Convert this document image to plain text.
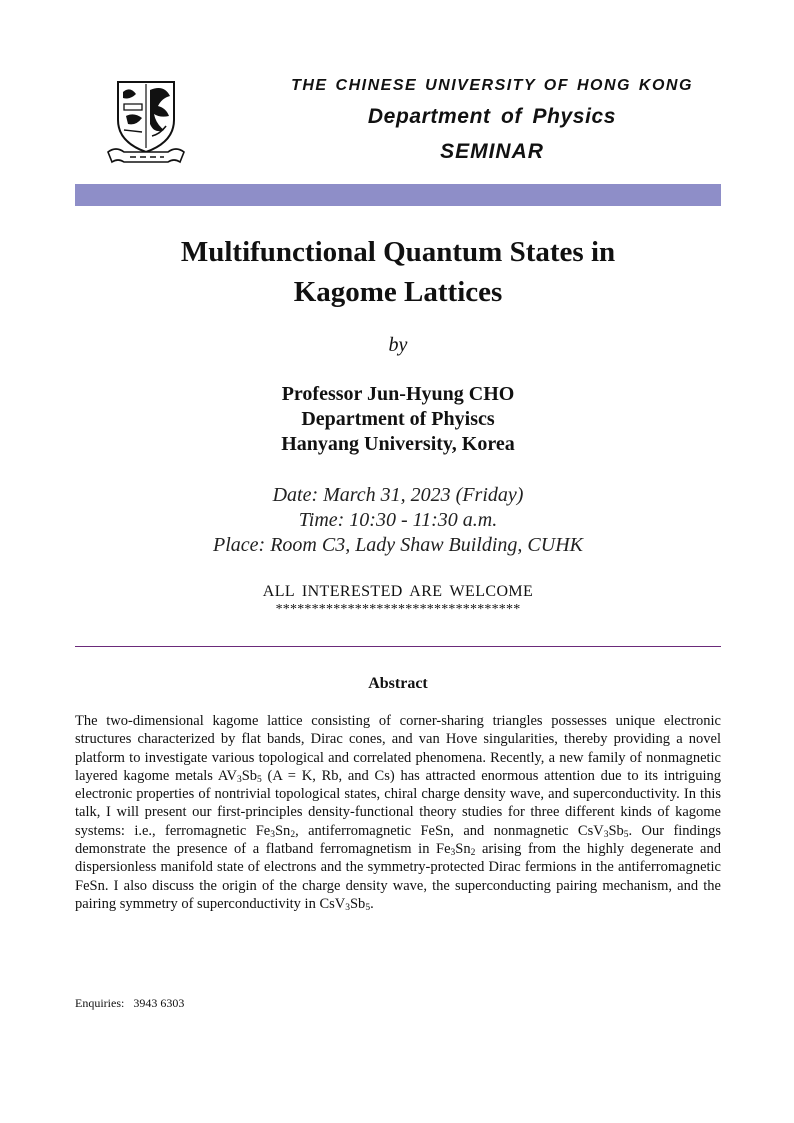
THE CHINESE UNIVERSITY OF HONG KONG
Department of Physics
SEMINAR
Multifunctional Quantum States in
Kagome Lattices
by
Professor Jun-Hyung CHO
Department of Phyiscs
Hanyang University, Korea
Date: March 31, 2023 (Friday)
Time: 10:30 - 11:30 a.m.
Place: Room C3, Lady Shaw Building, CUHK
ALL INTERESTED ARE WELCOME
**********************************
Abstract
The two-dimensional kagome lattice consisting of corner-sharing triangles possesses unique electronic structures characterized by flat bands, Dirac cones, and van Hove singularities, thereby providing a novel platform to investigate various topological and correlated phenomena. Recently, a new family of nonmagnetic layered kagome metals $AV_3Sb_5$ (A = K, Rb, and Cs) has attracted enormous attention due to its intriguing electronic properties of nontrivial topological states, chiral charge density wave, and superconductivity. In this talk, I will present our first-principles density-functional theory studies for three different kinds of kagome systems: i.e., ferromagnetic $Fe_3Sn_2$, antiferromagnetic FeSn, and nonmagnetic $CsV_3Sb_5$. Our findings demonstrate the presence of a flatband ferromagnetism in $Fe_3Sn_2$ arising from the highly degenerate and dispersionless manifold state of electrons and the symmetry-protected Dirac fermions in the antiferromagnetic FeSn. I also discuss the origin of the charge density wave, the superconducting pairing mechanism, and the pairing symmetry of superconductivity in $CsV_3Sb_5$.
Enquiries: 3943 6303
